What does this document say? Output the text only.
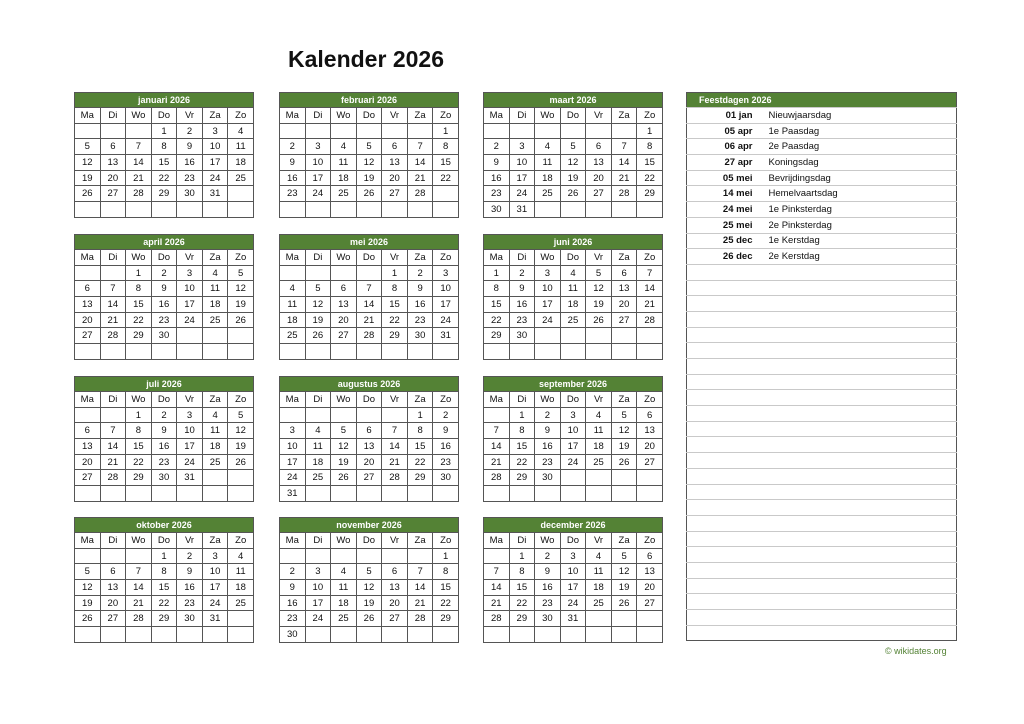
Kalender 2026
januari 2026						
Ma	Di	Wo	Do	Vr	Za	Zo
			1	2	3	4
5	6	7	8	9	10	11
12	13	14	15	16	17	18
19	20	21	22	23	24	25
26	27	28	29	30	31	

februari 2026						
Ma	Di	Wo	Do	Vr	Za	Zo
						1
2	3	4	5	6	7	8
9	10	11	12	13	14	15
16	17	18	19	20	21	22
23	24	25	26	27	28	

maart 2026						
Ma	Di	Wo	Do	Vr	Za	Zo
						1
2	3	4	5	6	7	8
9	10	11	12	13	14	15
16	17	18	19	20	21	22
23	24	25	26	27	28	29
30	31					
april 2026						
Ma	Di	Wo	Do	Vr	Za	Zo
		1	2	3	4	5
6	7	8	9	10	11	12
13	14	15	16	17	18	19
20	21	22	23	24	25	26
27	28	29	30			

mei 2026						
Ma	Di	Wo	Do	Vr	Za	Zo
				1	2	3
4	5	6	7	8	9	10
11	12	13	14	15	16	17
18	19	20	21	22	23	24
25	26	27	28	29	30	31

juni 2026						
Ma	Di	Wo	Do	Vr	Za	Zo
1	2	3	4	5	6	7
8	9	10	11	12	13	14
15	16	17	18	19	20	21
22	23	24	25	26	27	28
29	30					

juli 2026						
Ma	Di	Wo	Do	Vr	Za	Zo
		1	2	3	4	5
6	7	8	9	10	11	12
13	14	15	16	17	18	19
20	21	22	23	24	25	26
27	28	29	30	31		

augustus 2026						
Ma	Di	Wo	Do	Vr	Za	Zo
					1	2
3	4	5	6	7	8	9
10	11	12	13	14	15	16
17	18	19	20	21	22	23
24	25	26	27	28	29	30
31						
september 2026						
Ma	Di	Wo	Do	Vr	Za	Zo
	1	2	3	4	5	6
7	8	9	10	11	12	13
14	15	16	17	18	19	20
21	22	23	24	25	26	27
28	29	30				

oktober 2026						
Ma	Di	Wo	Do	Vr	Za	Zo
			1	2	3	4
5	6	7	8	9	10	11
12	13	14	15	16	17	18
19	20	21	22	23	24	25
26	27	28	29	30	31	

november 2026						
Ma	Di	Wo	Do	Vr	Za	Zo
						1
2	3	4	5	6	7	8
9	10	11	12	13	14	15
16	17	18	19	20	21	22
23	24	25	26	27	28	29
30						
december 2026						
Ma	Di	Wo	Do	Vr	Za	Zo
	1	2	3	4	5	6
7	8	9	10	11	12	13
14	15	16	17	18	19	20
21	22	23	24	25	26	27
28	29	30	31			

Feestdagen 2026	
01 jan	Nieuwjaarsdag
05 apr	1e Paasdag
06 apr	2e Paasdag
27 apr	Koningsdag
05 mei	Bevrijdingsdag
14 mei	Hemelvaartsdag
24 mei	1e Pinksterdag
25 mei	2e Pinksterdag
25 dec	1e Kerstdag
26 dec	2e Kerstdag

© wikidates.org
